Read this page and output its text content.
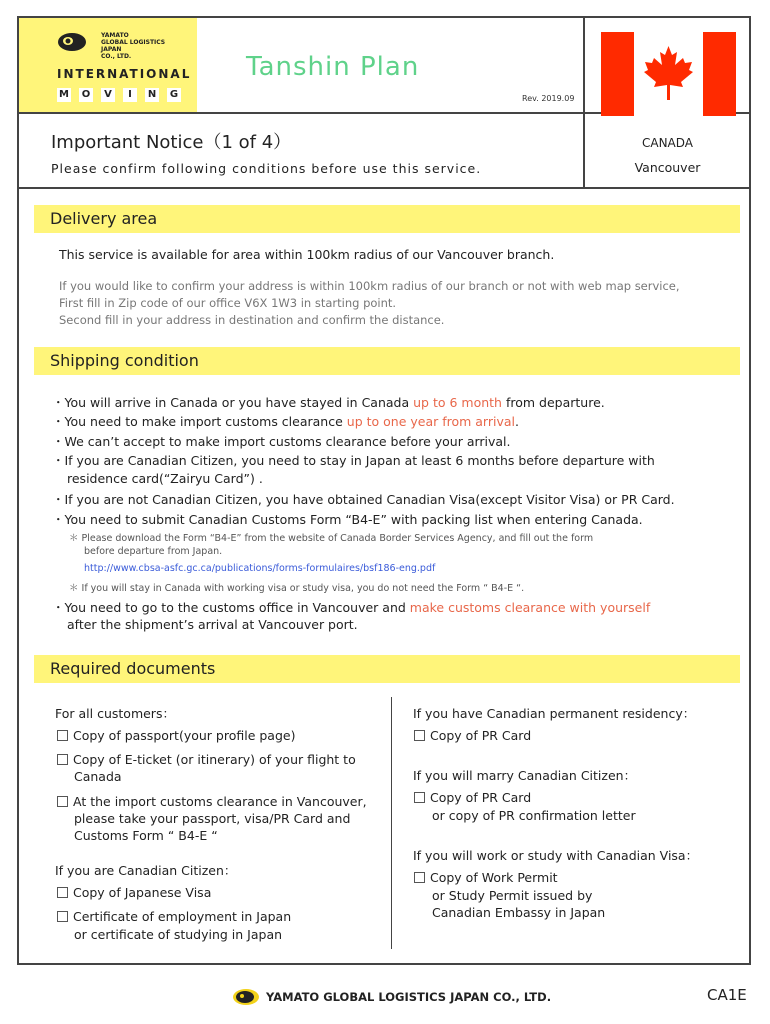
YAMATO
GLOBAL LOGISTICS
JAPAN
CO., LTD.
INTERNATIONAL
M O	V	I	N G
Tanshin Plan
Rev. 2019.09
Important Notice（1 of 4）
Please confirm following conditions before use this service.
CANADA
Vancouver
Delivery area
This service is available for area within 100km radius of our Vancouver branch.
If you would like to confirm your address is within 100km radius of our branch or not with web map service,
First fill in Zip code of our office V6X 1W3 in starting point.
Second fill in your address in destination and confirm the distance.
Shipping condition
・You will arrive in Canada or you have stayed in Canada up to 6 month from departure.
・You need to make import customs clearance up to one year from arrival.
・We can’t accept to make import customs clearance before your arrival.
・If you are Canadian Citizen, you need to stay in Japan at least 6 months before departure with
residence card(“Zairyu Card”) .
・If you are not Canadian Citizen, you have obtained Canadian Visa(except Visitor Visa) or PR Card.
・You need to submit Canadian Customs Form “B4-E” with packing list when entering Canada.
＊ Please download the Form “B4-E” from the website of Canada Border Services Agency, and fill out the form
before departure from Japan.
http://www.cbsa-asfc.gc.ca/publications/forms-formulaires/bsf186-eng.pdf
＊ If you will stay in Canada with working visa or study visa, you do not need the Form “ B4-E “.
・You need to go to the customs office in Vancouver and make customs clearance with yourself
after the shipment’s arrival at Vancouver port.
Required documents
For all customers：
Copy of passport(your profile page)
Copy of E-ticket (or itinerary) of your flight to
Canada
At the import customs clearance in Vancouver,
please take your passport, visa/PR Card and
Customs Form “ B4-E “
If you are Canadian Citizen：
Copy of Japanese Visa
Certificate of employment in Japan
or certificate of studying in Japan
If you have Canadian permanent residency：
Copy of PR Card
If you will marry Canadian Citizen：
Copy of PR Card
or copy of PR confirmation letter
If you will work or study with Canadian Visa：
Copy of Work Permit
or Study Permit issued by
Canadian Embassy in Japan
YAMATO GLOBAL LOGISTICS JAPAN CO., LTD.	CA1E
